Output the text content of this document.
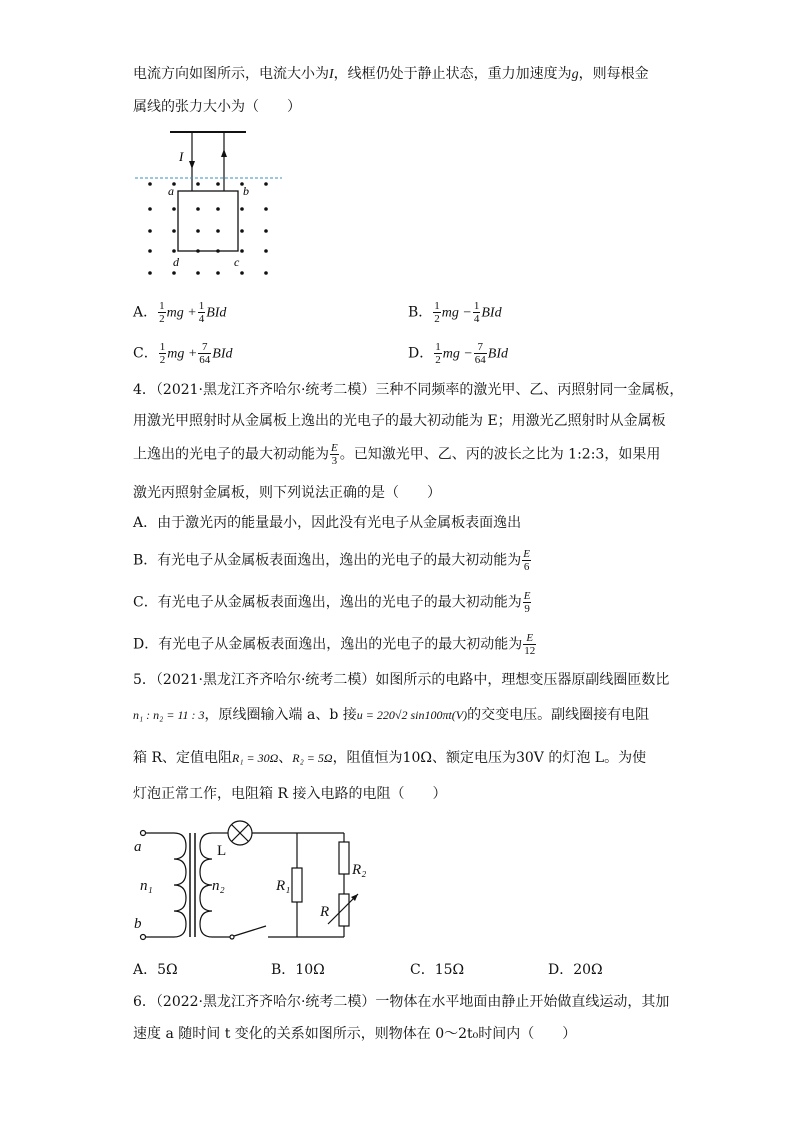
电流方向如图所示，电流大小为I，线框仍处于静止状态，重力加速度为g，则每根金
属线的张力大小为（　　）
I
a	b
d	c
A． $\frac{1}{2}$ mg + $\frac{1}{4}$ BId	B． $\frac{1}{2}$ mg − $\frac{1}{4}$ BId
C． $\frac{1}{2}$ mg + $\frac{7}{64}$ BId	D． $\frac{1}{2}$ mg − $\frac{7}{64}$ BId
4．（2021·黑龙江齐齐哈尔·统考二模）三种不同频率的激光甲、乙、丙照射同一金属板，
用激光甲照射时从金属板上逸出的光电子的最大初动能为 E；用激光乙照射时从金属板
上逸出的光电子的最大初动能为 $\frac{E}{3}$ 。已知激光甲、乙、丙的波长之比为 1:2:3，如果用
激光丙照射金属板，则下列说法正确的是（　　）
A．由于激光丙的能量最小，因此没有光电子从金属板表面逸出
B．有光电子从金属板表面逸出，逸出的光电子的最大初动能为 $\frac{E}{6}$
C．有光电子从金属板表面逸出，逸出的光电子的最大初动能为 $\frac{E}{9}$
D．有光电子从金属板表面逸出，逸出的光电子的最大初动能为 $\frac{E}{12}$
5．（2021·黑龙江齐齐哈尔·统考二模）如图所示的电路中，理想变压器原副线圈匝数比
n₁ : n₂ = 11 : 3，原线圈输入端 a、b 接u = 220√2 sin100πt(V)的交变电压。副线圈接有电阻
箱 R、定值电阻R₁ = 30Ω、R₂ = 5Ω，阻值恒为10Ω、额定电压为30V 的灯泡 L。为使
灯泡正常工作，电阻箱 R 接入电路的电阻（　　）
a
b
n₁	n₂	R₁
R₂
R
L
A．5Ω	B．10Ω	C．15Ω	D．20Ω
6．（2022·黑龙江齐齐哈尔·统考二模）一物体在水平地面由静止开始做直线运动，其加
速度 a 随时间 t 变化的关系如图所示，则物体在 0～2t₀时间内（　　）
